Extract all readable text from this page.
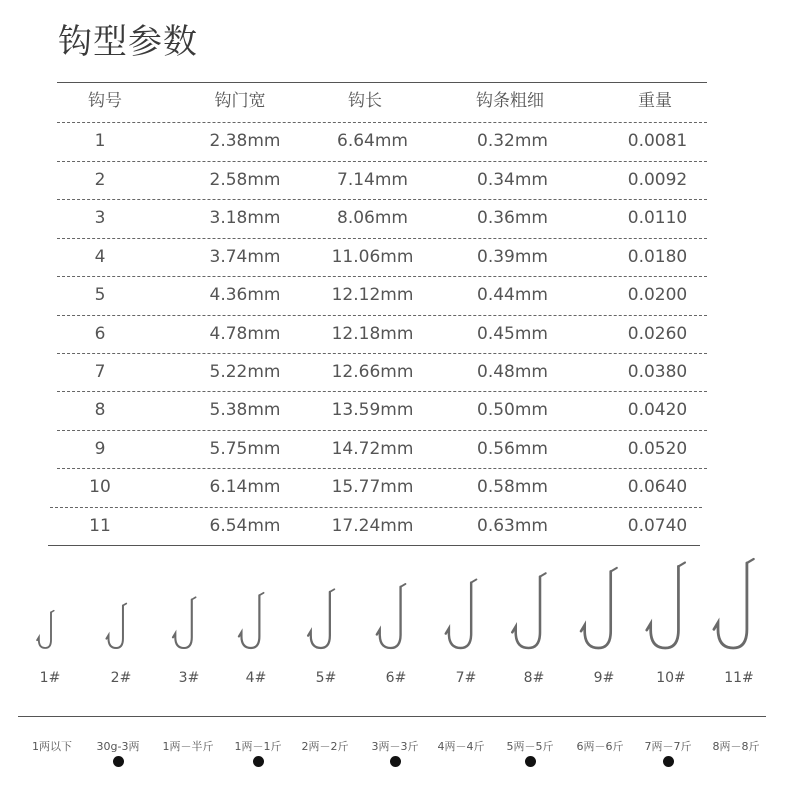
钩型参数
钩号	钩门宽	钩长	钩条粗细	重量
1	2.38mm	6.64mm	0.32mm	0.0081
2	2.58mm	7.14mm	0.34mm	0.0092
3	3.18mm	8.06mm	0.36mm	0.0110
4	3.74mm	11.06mm	0.39mm	0.0180
5	4.36mm	12.12mm	0.44mm	0.0200
6	4.78mm	12.18mm	0.45mm	0.0260
7	5.22mm	12.66mm	0.48mm	0.0380
8	5.38mm	13.59mm	0.50mm	0.0420
9	5.75mm	14.72mm	0.56mm	0.0520
10	6.14mm	15.77mm	0.58mm	0.0640
11	6.54mm	17.24mm	0.63mm	0.0740
1#	2#	3#	4#	5#	6#	7#	8#	9#	10#	11#
1两以下	30g-3两	1两－半斤	1两－1斤	2两－2斤	3两－3斤	4两－4斤	5两－5斤	6两－6斤	7两－7斤	8两－8斤
